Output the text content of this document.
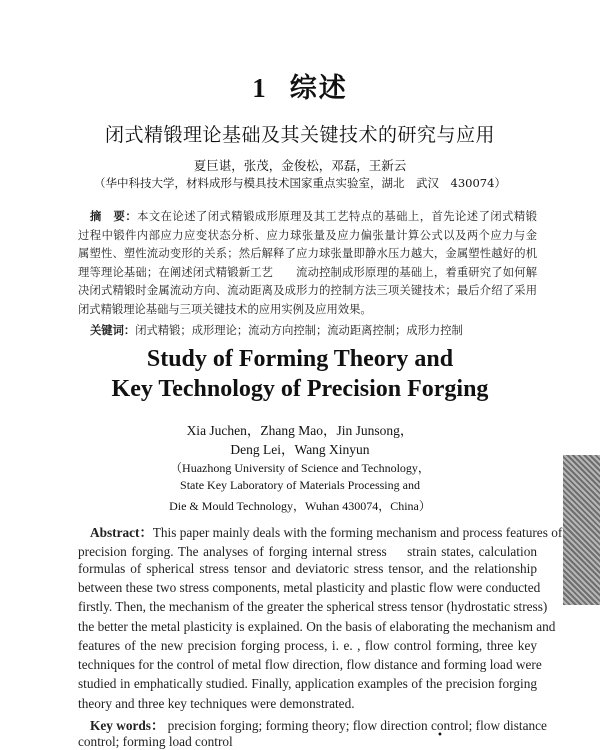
1 综述
闭式精锻理论基础及其关键技术的研究与应用
夏巨谌，张茂，金俊松，邓磊，王新云
（华中科技大学，材料成形与模具技术国家重点实验室，湖北　武汉　430074）
摘　要：本文在论述了闭式精锻成形原理及其工艺特点的基础上，首先论述了闭式精锻
过程中锻件内部应力应变状态分析、应力球张量及应力偏张量计算公式以及两个应力与金
属塑性、塑性流动变形的关系；然后解释了应力球张量即静水压力越大，金属塑性越好的机
理等理论基础；在阐述闭式精锻新工艺　　流动控制成形原理的基础上，着重研究了如何解
决闭式精锻时金属流动方向、流动距离及成形力的控制方法三项关键技术；最后介绍了采用
闭式精锻理论基础与三项关键技术的应用实例及应用效果。
关键词：闭式精锻；成形理论；流动方向控制；流动距离控制；成形力控制
Study of Forming Theory and
Key Technology of Precision Forging
Xia Juchen，Zhang Mao，Jin Junsong，
Deng Lei，Wang Xinyun
（Huazhong University of Science and Technology，
State Key Laboratory of Materials Processing and
Die & Mould Technology，Wuhan 430074，China）
Abstract：This paper mainly deals with the forming mechanism and process features of
precision forging. The analyses of forging internal stress　 strain states, calculation
formulas of spherical stress tensor and deviatoric stress tensor, and the relationship
between these two stress components, metal plasticity and plastic flow were conducted
firstly. Then, the mechanism of the greater the spherical stress tensor (hydrostatic stress)
the better the metal plasticity is explained. On the basis of elaborating the mechanism and
features of the new precision forging process, i. e. , flow control forming, three key
techniques for the control of metal flow direction, flow distance and forming load were
studied in emphatically studied. Finally, application examples of the precision forging
theory and three key techniques were demonstrated.
Key words： precision forging; forming theory; flow direction control; flow distance
control; forming load control	•
